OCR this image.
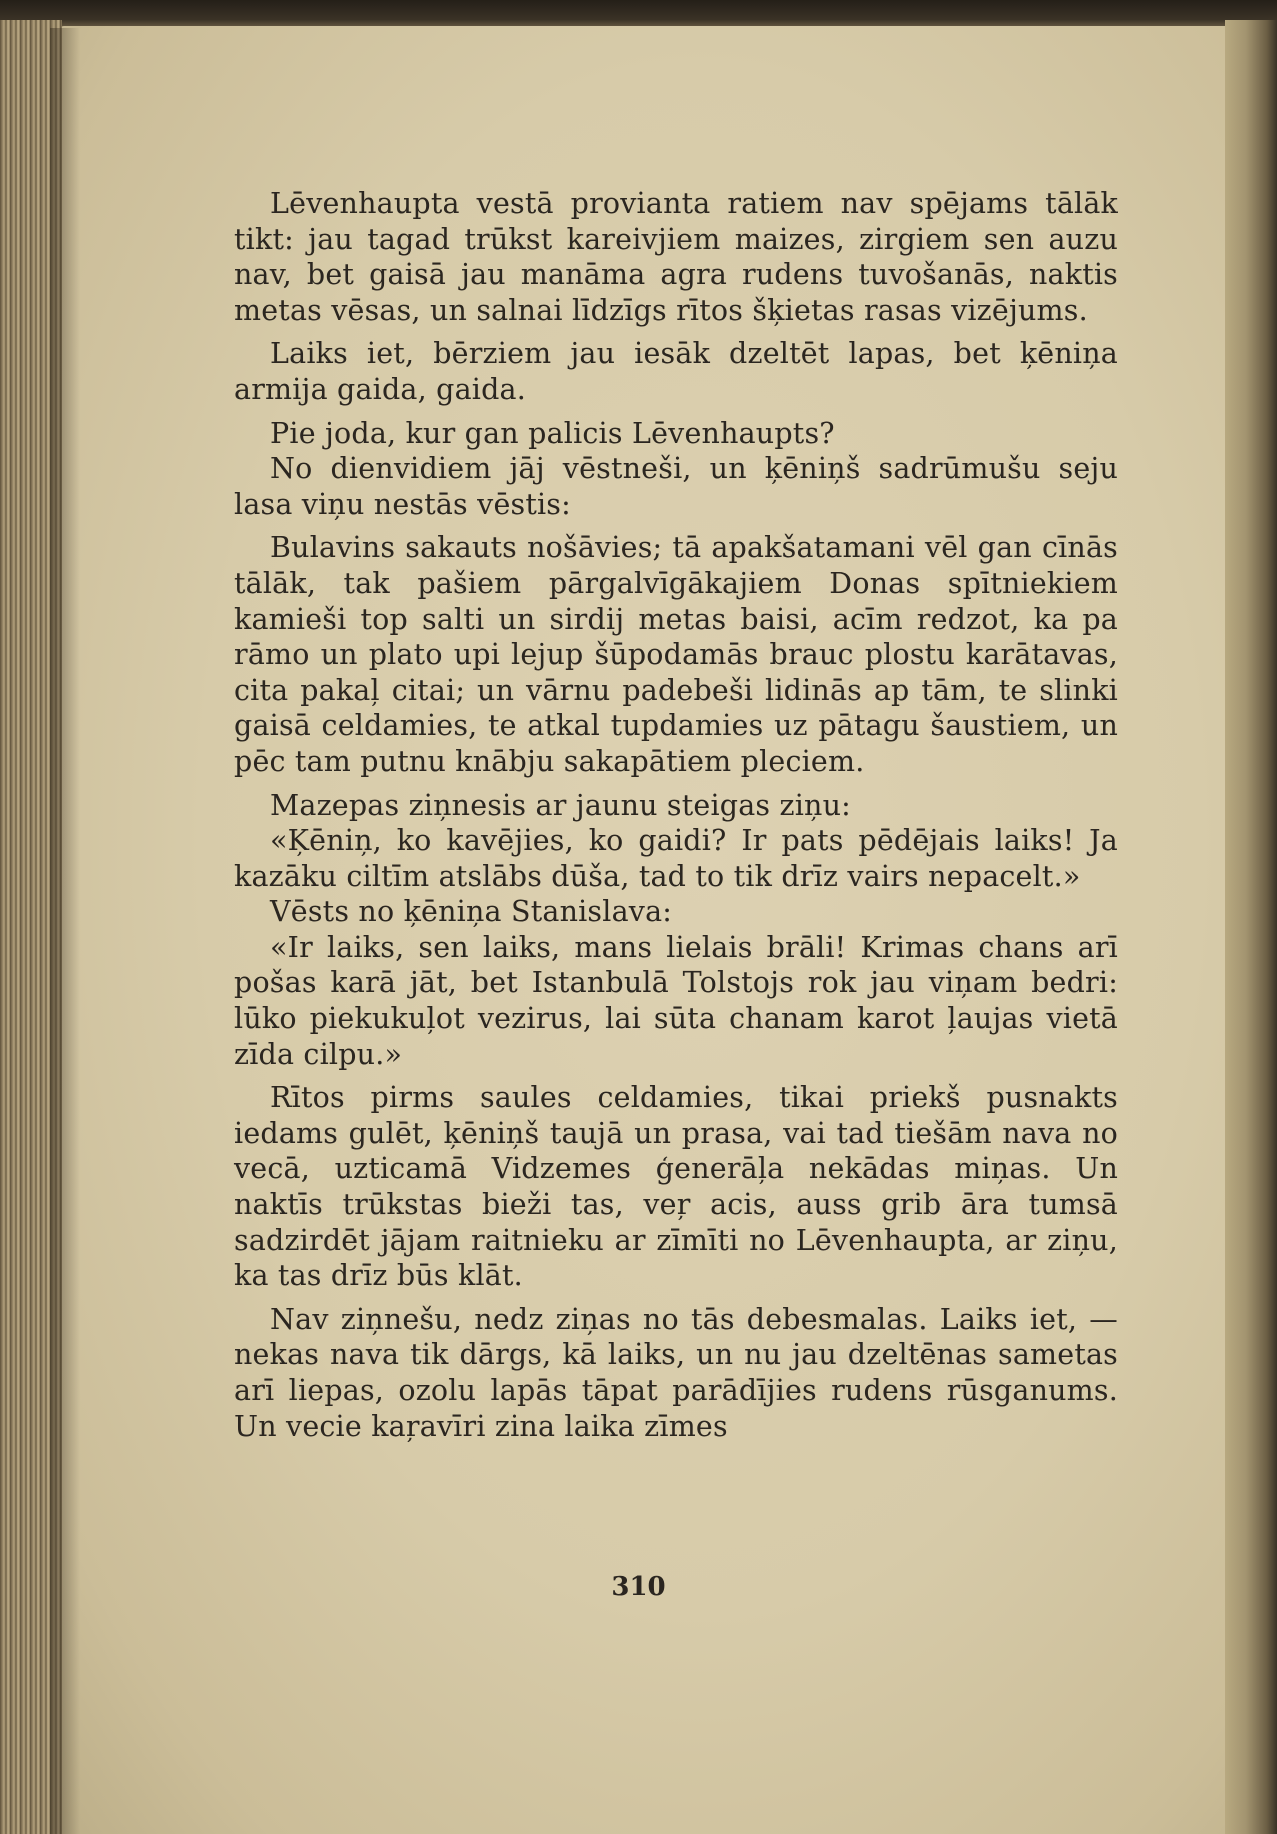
Lēvenhaupta vestā provianta ratiem nav spējams tālāk tikt: jau tagad trūkst kareivjiem maizes, zirgiem sen auzu nav, bet gaisā jau manāma agra rudens tuvošanās, naktis metas vēsas, un salnai līdzīgs rītos šķietas rasas vizējums.

Laiks iet, bērziem jau iesāk dzeltēt lapas, bet ķēniņa armija gaida, gaida.

Pie joda, kur gan palicis Lēvenhaupts?

No dienvidiem jāj vēstneši, un ķēniņš sadrūmušu seju lasa viņu nestās vēstis:

Bulavins sakauts nošāvies; tā apakšatamani vēl gan cīnās tālāk, tak pašiem pārgalvīgākajiem Donas spītniekiem kamieši top salti un sirdij metas baisi, acīm redzot, ka pa rāmo un plato upi lejup šūpodamās brauc plostu karātavas, cita pakaļ citai; un vārnu padebeši lidinās ap tām, te slinki gaisā celdamies, te atkal tupdamies uz pātagu šaustiem, un pēc tam putnu knābju sakapātiem pleciem.

Mazepas ziņnesis ar jaunu steigas ziņu:

«Ķēniņ, ko kavējies, ko gaidi? Ir pats pēdējais laiks! Ja kazāku ciltīm atslābs dūša, tad to tik drīz vairs nepacelt.»

Vēsts no ķēniņa Stanislava:

«Ir laiks, sen laiks, mans lielais brāli! Krimas chans arī pošas karā jāt, bet Istanbulā Tolstojs rok jau viņam bedri: lūko piekukuļot vezirus, lai sūta chanam karot ļaujas vietā zīda cilpu.»

Rītos pirms saules celdamies, tikai priekš pusnakts iedams gulēt, ķēniņš taujā un prasa, vai tad tiešām nava no vecā, uzticamā Vidzemes ģenerāļa nekādas miņas. Un naktīs trūkstas bieži tas, veŗ acis, auss grib āra tumsā sadzirdēt jājam raitnieku ar zīmīti no Lēvenhaupta, ar ziņu, ka tas drīz būs klāt.

Nav ziņnešu, nedz ziņas no tās debesmalas. Laiks iet, — nekas nava tik dārgs, kā laiks, un nu jau dzeltēnas sametas arī liepas, ozolu lapās tāpat parādījies rudens rūsganums. Un vecie kaŗavīri zina laika zīmes

310
